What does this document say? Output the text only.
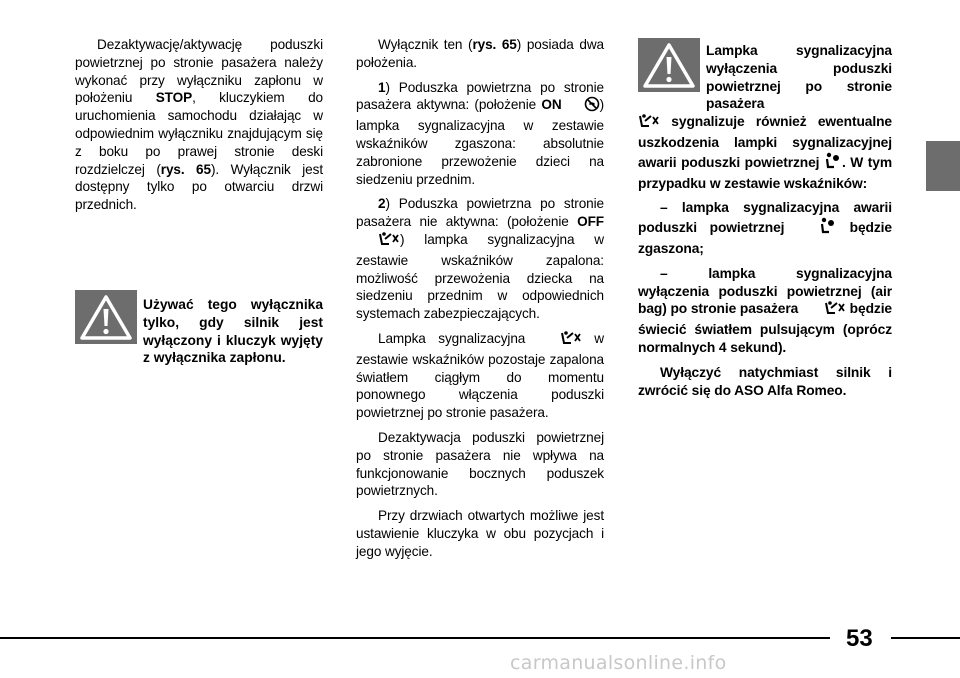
Dezaktywację/aktywację poduszki powietrznej po stronie pasażera należy wykonać przy wyłączniku zapłonu w położeniu STOP, kluczykiem do uruchomienia samochodu działając w odpowiednim wyłączniku znajdującym się z boku po prawej stronie deski rozdzielczej (rys. 65). Wyłącznik jest dostępny tylko po otwarciu drzwi przednich.

Używać tego wyłącznika tylko, gdy silnik jest wyłączony i kluczyk wyjęty z wyłącznika zapłonu.

Wyłącznik ten (rys. 65) posiada dwa położenia.

1) Poduszka powietrzna po stronie pasażera aktywna: (położenie ON	) lampka sygnalizacyjna w zestawie wskaźników zgaszona: absolutnie zabronione przewożenie dzieci na siedzeniu przednim.

2) Poduszka powietrzna po stronie pasażera nie aktywna: (położenie OFF) lampka sygnalizacyjna w zestawie wskaźników zapalona: możliwość przewożenia dziecka na siedzeniu przednim w odpowiednich systemach zabezpieczających.

Lampka sygnalizacyjna	w zestawie wskaźników pozostaje zapalona światłem ciągłym do momentu ponownego włączenia poduszki powietrznej po stronie pasażera.

Dezaktywacja poduszki powietrznej po stronie pasażera nie wpływa na funkcjonowanie bocznych poduszek powietrznych.

Przy drzwiach otwartych możliwe jest ustawienie kluczyka w obu pozycjach i jego wyjęcie.

Lampka sygnalizacyjna wyłączenia poduszki powietrznej po stronie pasażera
sygnalizuje również ewentualne uszkodzenia lampki sygnalizacyjnej awarii poduszki powietrznej . W tym przypadku w zestawie wskaźników:

– lampka sygnalizacyjna awarii poduszki powietrznej	będzie zgaszona;

– lampka sygnalizacyjna wyłączenia poduszki powietrznej (air bag) po stronie pasażera	będzie świecić światłem pulsującym (oprócz normalnych 4 sekund).

Wyłączyć natychmiast silnik i zwrócić się do ASO Alfa Romeo.

53
carmanualsonline.info
